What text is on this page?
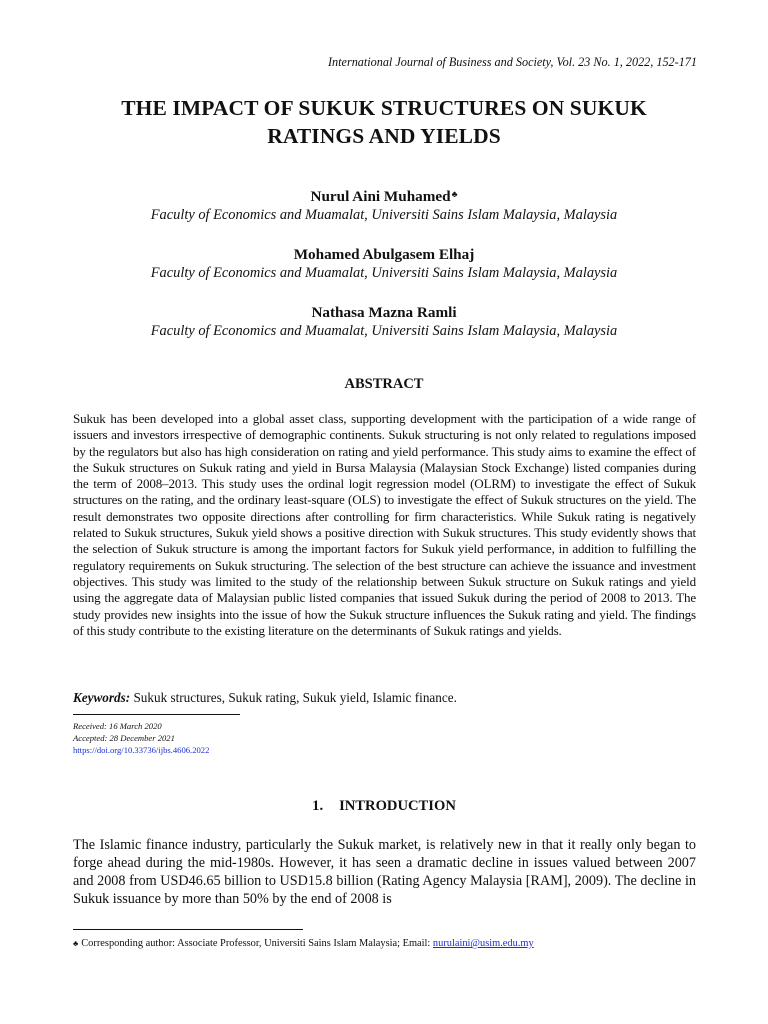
International Journal of Business and Society, Vol. 23 No. 1, 2022, 152-171
THE IMPACT OF SUKUK STRUCTURES ON SUKUK
RATINGS AND YIELDS
Nurul Aini Muhamed♣
Faculty of Economics and Muamalat, Universiti Sains Islam Malaysia, Malaysia
Mohamed Abulgasem Elhaj
Faculty of Economics and Muamalat, Universiti Sains Islam Malaysia, Malaysia
Nathasa Mazna Ramli
Faculty of Economics and Muamalat, Universiti Sains Islam Malaysia, Malaysia
ABSTRACT

Sukuk has been developed into a global asset class, supporting development with the participation of a wide range of issuers and investors irrespective of demographic continents. Sukuk structuring is not only related to regulations imposed by the regulators but also has high consideration on rating and yield performance. This study aims to examine the effect of the Sukuk structures on Sukuk rating and yield in Bursa Malaysia (Malaysian Stock Exchange) listed companies during the term of 2008–2013. This study uses the ordinal logit regression model (OLRM) to investigate the effect of Sukuk structures on the rating, and the ordinary least-square (OLS) to investigate the effect of Sukuk structures on the yield. The result demonstrates two opposite directions after controlling for firm characteristics. While Sukuk rating is negatively related to Sukuk structures, Sukuk yield shows a positive direction with Sukuk structures. This study evidently shows that the selection of Sukuk structure is among the important factors for Sukuk yield performance, in addition to fulfilling the regulatory requirements on Sukuk structuring. The selection of the best structure can achieve the issuance and investment objectives. This study was limited to the study of the relationship between Sukuk structure on Sukuk ratings and yield using the aggregate data of Malaysian public listed companies that issued Sukuk during the period of 2008 to 2013. The study provides new insights into the issue of how the Sukuk structure influences the Sukuk rating and yield. The findings of this study contribute to the existing literature on the determinants of Sukuk ratings and yields.

Keywords: Sukuk structures, Sukuk rating, Sukuk yield, Islamic finance.
Received: 16 March 2020
Accepted: 28 December 2021
https://doi.org/10.33736/ijbs.4606.2022
1. INTRODUCTION

The Islamic finance industry, particularly the Sukuk market, is relatively new in that it really only began to forge ahead during the mid-1980s. However, it has seen a dramatic decline in issues valued between 2007 and 2008 from USD46.65 billion to USD15.8 billion (Rating Agency Malaysia [RAM], 2009). The decline in Sukuk issuance by more than 50% by the end of 2008 is

♣ Corresponding author: Associate Professor, Universiti Sains Islam Malaysia; Email: nurulaini@usim.edu.my
